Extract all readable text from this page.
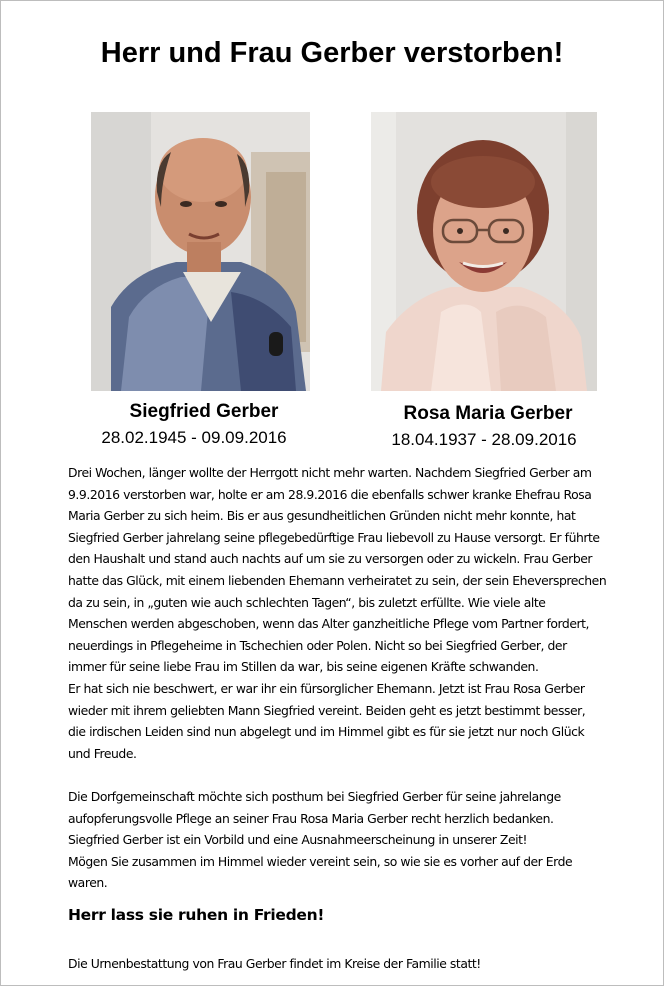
Herr und Frau Gerber verstorben!
Siegfried Gerber
28.02.1945 - 09.09.2016
Rosa Maria Gerber
18.04.1937 - 28.09.2016

Drei Wochen, länger wollte der Herrgott nicht mehr warten. Nachdem Siegfried Gerber am
9.9.2016 verstorben war, holte er am 28.9.2016 die ebenfalls schwer kranke Ehefrau Rosa
Maria Gerber zu sich heim. Bis er aus gesundheitlichen Gründen nicht mehr konnte, hat
Siegfried Gerber jahrelang seine pflegebedürftige Frau liebevoll zu Hause versorgt. Er führte
den Haushalt und stand auch nachts auf um sie zu versorgen oder zu wickeln. Frau Gerber
hatte das Glück, mit einem liebenden Ehemann verheiratet zu sein, der sein Eheversprechen
da zu sein, in „guten wie auch schlechten Tagen“, bis zuletzt erfüllte. Wie viele alte
Menschen werden abgeschoben, wenn das Alter ganzheitliche Pflege vom Partner fordert,
neuerdings in Pflegeheime in Tschechien oder Polen. Nicht so bei Siegfried Gerber, der
immer für seine liebe Frau im Stillen da war, bis seine eigenen Kräfte schwanden.
Er hat sich nie beschwert, er war ihr ein fürsorglicher Ehemann. Jetzt ist Frau Rosa Gerber
wieder mit ihrem geliebten Mann Siegfried vereint. Beiden geht es jetzt bestimmt besser,
die irdischen Leiden sind nun abgelegt und im Himmel gibt es für sie jetzt nur noch Glück
und Freude.

Die Dorfgemeinschaft möchte sich posthum bei Siegfried Gerber für seine jahrelange
aufopferungsvolle Pflege an seiner Frau Rosa Maria Gerber recht herzlich bedanken.
Siegfried Gerber ist ein Vorbild und eine Ausnahmeerscheinung in unserer Zeit!
Mögen Sie zusammen im Himmel wieder vereint sein, so wie sie es vorher auf der Erde
waren.

Herr lass sie ruhen in Frieden!
Die Urnenbestattung von Frau Gerber findet im Kreise der Familie statt!
